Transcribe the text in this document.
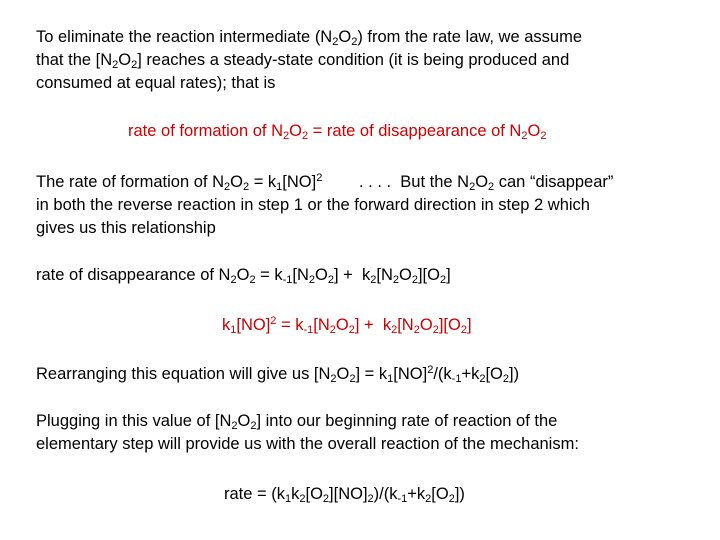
To eliminate the reaction intermediate $(N_2O_2)$ from the rate law, we assume
that the $[N_2O_2]$ reaches a steady-state condition (it is being produced and
consumed at equal rates); that is
rate of formation of $N_2O_2$ = rate of disappearance of $N_2O_2$
The rate of formation of $N_2O_2 = k_1[NO]^2$        . . . .  But the $N_2O_2$ can “disappear”
in both the reverse reaction in step 1 or the forward direction in step 2 which
gives us this relationship
rate of disappearance of $N_2O_2 = k_{-1}[N_2O_2] + k_2[N_2O_2][O_2]$
$k_1[NO]^2 = k_{-1}[N_2O_2] + k_2[N_2O_2][O_2]$
Rearranging this equation will give us $[N_2O_2] = k_1[NO]^2/(k_{-1}+k_2[O_2])$
Plugging in this value of $[N_2O_2]$ into our beginning rate of reaction of the
elementary step will provide us with the overall reaction of the mechanism:
rate = $(k_1k_2[O_2][NO]_2)/(k_{-1}+k_2[O_2])$
